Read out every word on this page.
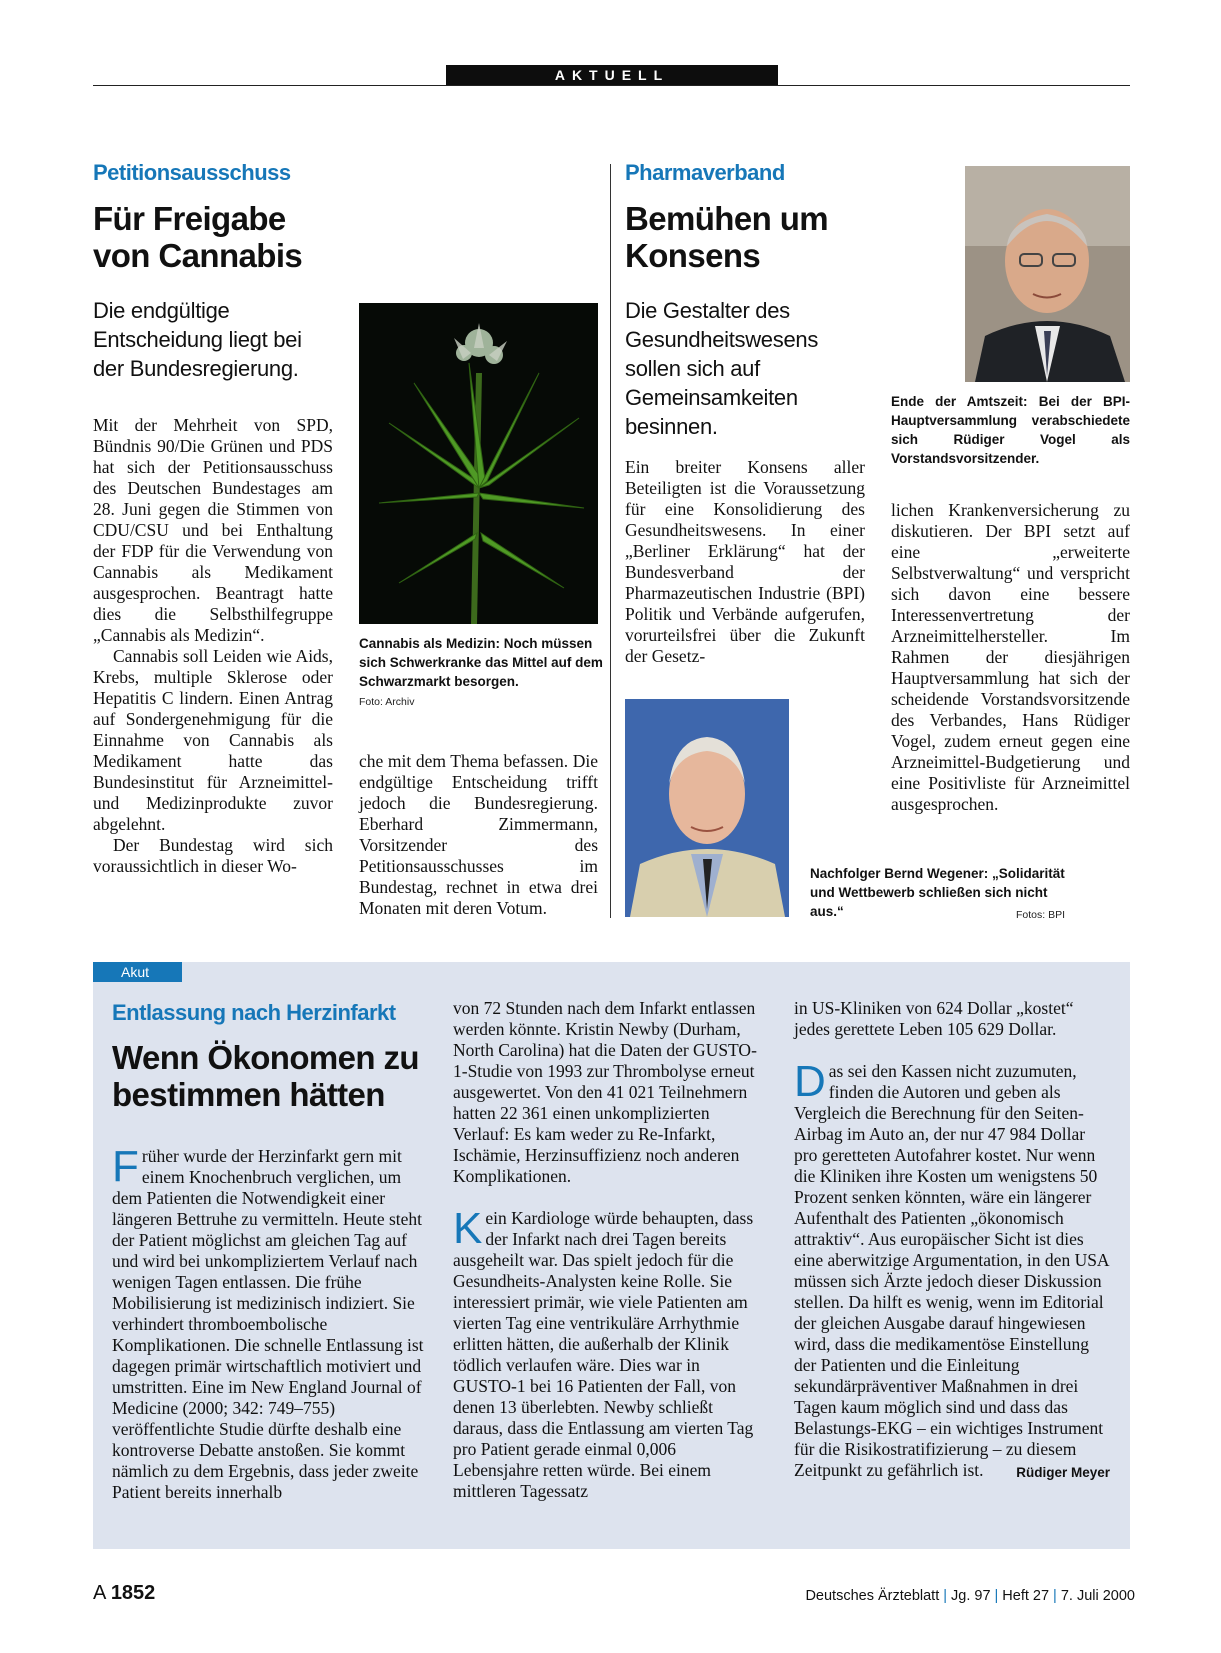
AKTUELL
Petitionsausschuss
Für Freigabe
von Cannabis
Die endgültige Entscheidung liegt bei der Bundesregierung.

Mit der Mehrheit von SPD, Bündnis 90/Die Grünen und PDS hat sich der Petitionsausschuss des Deutschen Bundestages am 28. Juni gegen die Stimmen von CDU/CSU und bei Enthaltung der FDP für die Verwendung von Cannabis als Medikament ausgesprochen. Beantragt hatte dies die Selbsthilfegruppe „Cannabis als Medizin“.

Cannabis soll Leiden wie Aids, Krebs, multiple Sklerose oder Hepatitis C lindern. Einen Antrag auf Sondergenehmigung für die Einnahme von Cannabis als Medikament hatte das Bundesinstitut für Arzneimittel- und Medizinprodukte zuvor abgelehnt.

Der Bundestag wird sich voraussichtlich in dieser Wo-

Cannabis als Medizin: Noch müssen sich Schwerkranke das Mittel auf dem Schwarzmarkt besorgen.
Foto: Archiv

che mit dem Thema befassen. Die endgültige Entscheidung trifft jedoch die Bundesregierung. Eberhard Zimmermann, Vorsitzender des Petitionsausschusses im Bundestag, rechnet in etwa drei Monaten mit deren Votum.

Pharmaverband
Bemühen um
Konsens
Die Gestalter des Gesundheitswesens sollen sich auf Gemeinsamkeiten besinnen.

Ein breiter Konsens aller Beteiligten ist die Voraussetzung für eine Konsolidierung des Gesundheitswesens. In einer „Berliner Erklärung“ hat der Bundesverband der Pharmazeutischen Industrie (BPI) Politik und Verbände aufgerufen, vorurteilsfrei über die Zukunft der Gesetz-

Ende der Amtszeit: Bei der BPI-Hauptversammlung verabschiedete sich Rüdiger Vogel als Vorstandsvorsitzender.

lichen Krankenversicherung zu diskutieren. Der BPI setzt auf eine „erweiterte Selbstverwaltung“ und verspricht sich davon eine bessere Interessenvertretung der Arzneimittelhersteller. Im Rahmen der diesjährigen Hauptversammlung hat sich der scheidende Vorstandsvorsitzende des Verbandes, Hans Rüdiger Vogel, zudem erneut gegen eine Arzneimittel-Budgetierung und eine Positivliste für Arzneimittel ausgesprochen.

Nachfolger Bernd Wegener: „Solidarität und Wettbewerb schließen sich nicht aus.“	Fotos: BPI
Akut
Entlassung nach Herzinfarkt
Wenn Ökonomen zu
bestimmen hätten

Früher wurde der Herzinfarkt gern mit einem Knochenbruch verglichen, um dem Patienten die Notwendigkeit einer längeren Bettruhe zu vermitteln. Heute steht der Patient möglichst am gleichen Tag auf und wird bei unkompliziertem Verlauf nach wenigen Tagen entlassen. Die frühe Mobilisierung ist medizinisch indiziert. Sie verhindert thromboembolische Komplikationen. Die schnelle Entlassung ist dagegen primär wirtschaftlich motiviert und umstritten. Eine im New England Journal of Medicine (2000; 342: 749–755) veröffentlichte Studie dürfte deshalb eine kontroverse Debatte anstoßen. Sie kommt nämlich zu dem Ergebnis, dass jeder zweite Patient bereits innerhalb

von 72 Stunden nach dem Infarkt entlassen werden könnte. Kristin Newby (Durham, North Carolina) hat die Daten der GUSTO-1-Studie von 1993 zur Thrombolyse erneut ausgewertet. Von den 41 021 Teilnehmern hatten 22 361 einen unkomplizierten Verlauf: Es kam weder zu Re-Infarkt, Ischämie, Herzinsuffizienz noch anderen Komplikationen.

Kein Kardiologe würde behaupten, dass der Infarkt nach drei Tagen bereits ausgeheilt war. Das spielt jedoch für die Gesundheits-Analysten keine Rolle. Sie interessiert primär, wie viele Patienten am vierten Tag eine ventrikuläre Arrhythmie erlitten hätten, die außerhalb der Klinik tödlich verlaufen wäre. Dies war in GUSTO-1 bei 16 Patienten der Fall, von denen 13 überlebten. Newby schließt daraus, dass die Entlassung am vierten Tag pro Patient gerade einmal 0,006 Lebensjahre retten würde. Bei einem mittleren Tagessatz

in US-Kliniken von 624 Dollar „kostet“ jedes gerettete Leben 105 629 Dollar.

Das sei den Kassen nicht zuzumuten, finden die Autoren und geben als Vergleich die Berechnung für den Seiten-Airbag im Auto an, der nur 47 984 Dollar pro geretteten Autofahrer kostet. Nur wenn die Kliniken ihre Kosten um wenigstens 50 Prozent senken könnten, wäre ein längerer Aufenthalt des Patienten „ökonomisch attraktiv“. Aus europäischer Sicht ist dies eine aberwitzige Argumentation, in den USA müssen sich Ärzte jedoch dieser Diskussion stellen. Da hilft es wenig, wenn im Editorial der gleichen Ausgabe darauf hingewiesen wird, dass die medikamentöse Einstellung der Patienten und die Einleitung sekundärpräventiver Maßnahmen in drei Tagen kaum möglich sind und dass das Belastungs-EKG – ein wichtiges Instrument für die Risikostratifizierung – zu diesem Zeitpunkt zu gefährlich ist. Rüdiger Meyer

A 1852	Deutsches Ärzteblatt | Jg. 97 | Heft 27 | 7. Juli 2000
